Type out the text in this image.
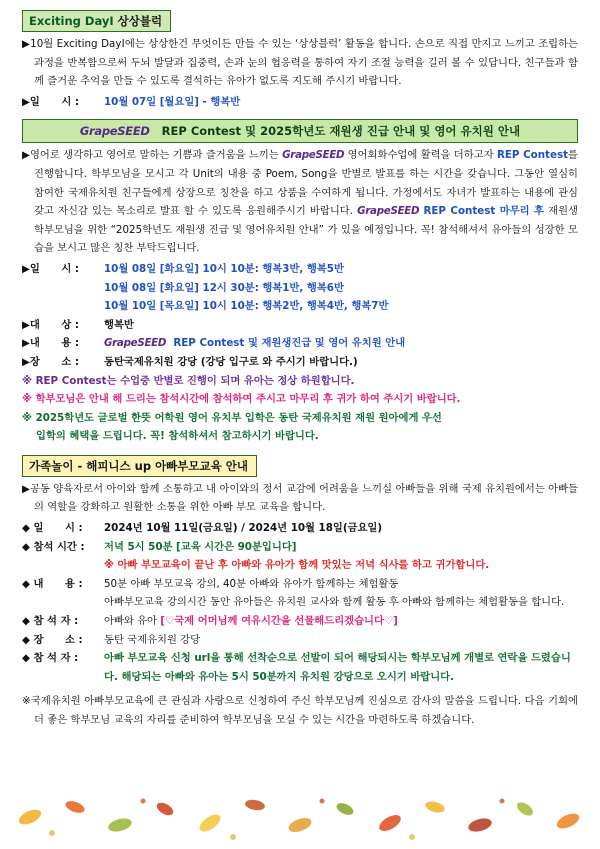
Exciting DayⅠ 상상블럭
▶10월 Exciting DayⅠ에는 상상한건 무엇이든 만들 수 있는 ‘상상블럭’ 활동을 합니다. 손으로 직접 만지고 느끼고 조립하는 과정을 반복함으로써 두뇌 발달과 집중력, 손과 눈의 협응력을 통하여 자기 조절 능력을 길러 볼 수 있답니다. 친구들과 함께 즐거운 추억을 만들 수 있도록 결석하는 유아가 없도록 지도해 주시기 바랍니다.
▶일      시 :	10월 07일 [월요일] - 행복반
GrapeSEED REP Contest 및 2025학년도 재원생 진급 안내 및 영어 유치원 안내
▶영어로 생각하고 영어로 말하는 기쁨과 즐거움을 느끼는 GrapeSEED 영어회화수업에 활력을 더하고자 REP Contest를 진행합니다. 학부모님을 모시고 각 Unit의 내용 중 Poem, Song을 반별로 발표를 하는 시간을 갖습니다. 그동안 열심히 참여한 국제유치원 친구들에게 상장으로 칭찬을 하고 상품을 수여하게 됩니다. 가정에서도 자녀가 발표하는 내용에 관심 갖고 자신감 있는 목소리로 발표 할 수 있도록 응원해주시기 바랍니다. GrapeSEED REP Contest 마무리 후 재원생 학부모님을 위한 “2025학년도 재원생 진급 및 영어유치원 안내” 가 있을 예정입니다. 꼭! 참석해셔서 유아들의 성장한 모습을 보시고 많은 칭찬 부탁드립니다.
▶일      시 :	10월 08일 [화요일] 10시 10분: 행복3반, 행복5반
10월 08일 [화요일] 12시 30분: 행복1반, 행복6반
10월 10일 [목요일] 10시 10분: 행복2반, 행복4반, 행복7반
▶대      상 :	행복반
▶내      용 :	GrapeSEED REP Contest 및 재원생진급 및 영어 유치원 안내
▶장      소 :	동탄국제유치원 강당 (강당 입구로 와 주시기 바랍니다.)
※ REP Contest는 수업중 반별로 진행이 되며 유아는 정상 하원합니다.
※ 학부모님은 안내 해 드리는 참석시간에 참석하여 주시고 마무리 후 귀가 하여 주시기 바랍니다.
※ 2025학년도 글로벌 한뜻 어학원 영어 유치부 입학은 동탄 국제유치원 재원 원아에게 우선
입학의 혜택을 드립니다. 꼭! 참석하셔서 참고하시기 바랍니다.
가족놀이 - 해피니스 up 아빠부모교육 안내
▶공동 양육자로서 아이와 함께 소통하고 내 아이와의 정서 교감에 어려움을 느끼실 아빠들을 위해 국제 유치원에서는 아빠들의 역할을 강화하고 원활한 소통을 위한 아빠 부모 교육을 합니다.
◆ 일      시 :	2024년 10월 11일(금요일) / 2024년 10월 18일(금요일)
◆ 참석 시간 :	저녁 5시 50분 [교육 시간은 90분입니다]
※ 아빠 부모교육이 끝난 후 아빠와 유아가 함께 맛있는 저녁 식사를 하고 귀가합니다.
◆ 내      용 :	50분 아빠 부모교육 강의, 40분 아빠와 유아가 함께하는 체험활동
아빠부모교육 강의시간 동안 유아들은 유치원 교사와 함께 활동 후 아빠와 함께하는 체험활동을 합니다.
◆ 참 석 자 :	아빠와 유아 [♡국제 어머님께 여유시간을 선물해드리겠습니다♡]
◆ 장      소 :	동탄 국제유치원 강당
◆ 참 석 자 :	아빠 부모교육 신청 url을 통해 선착순으로 선발이 되어 해당되시는 학부모님께 개별로 연락을 드렸습니다. 해당되는 아빠와 유아는 5시 50분까지 유치원 강당으로 오시기 바랍니다.
※국제유치원 아빠부모교육에 큰 관심과 사랑으로 신청하여 주신 학부모님께 진심으로 감사의 말씀을 드립니다. 다음 기회에 더 좋은 학부모님 교육의 자리를 준비하여 학부모님을 모실 수 있는 시간을 마련하도록 하겠습니다.
